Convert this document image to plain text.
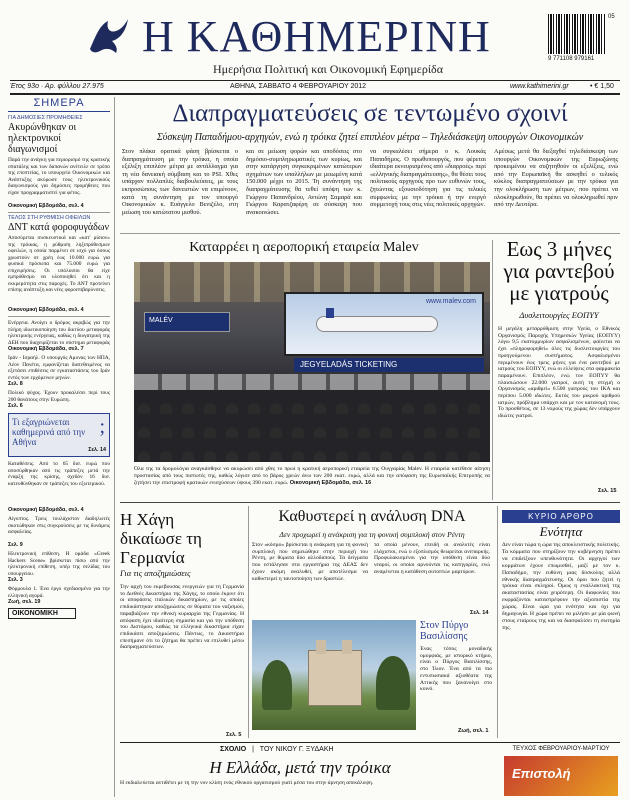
Η ΚΑΘΗΜΕΡΙΝΗ
Ημερήσια Πολιτική και Οικονομική Εφημερίδα
05
9 771108 979161
Έτος 93ο · Αρ. φύλλου 27.975	ΑΘΗΝΑ, ΣΑΒΒΑΤΟ 4 ΦΕΒΡΟΥΑΡΙΟΥ 2012	www.kathimerini.gr	• € 1,50
ΣΗΜΕΡΑ
ΓΙΑ ΔΗΜΟΣΙΕΣ ΠΡΟΜΗΘΕΙΕΣ
Ακυρώνθηκαν οι ηλεκτρονικοί διαγωνισμοί
Παρά την ανάγκη για περιορισμό της κρατικής σπατάλης και των δαπανών ανέτειλε σε τρόπο της εποπτείας, το υπουργείο Οικονομικών και Ανάπτυξης ακύρωσε τους ηλεκτρονικούς διαγωνισμούς για δημόσιες προμήθειες που είχαν προγραμματιστεί για φέτος.
Οικονομική Εβδομάδα, σελ. 4
ΤΕΛΟΣ ΣΤΗ ΡΥΘΜΙΣΗ ΟΦΕΙΛΩΝ
ΔΝΤ κατά φοροφυγάδων
Αποσύρεται συσκευστικά και «κατ' ρίσιον» της τρόικας, η ρύθμιση ληξιπρόθεσμων οφειλών, η οποία παρμένει σε ισχύ για όσους χρωστούν σε χρέη έως 10.000 ευρώ για φυσικά πρόσωπα και 75.000 ευρώ για επιχειρήσεις. Οι υπόλοιποι θα είχε εμπρόθεσμο να υλοποιηθεί ότι και η εκκρεμότητα στις παροχές. Το ΔΝΤ προτείνει επίσης ανάπτυξη και νέες φοροεπιβαρύνσεις.
Οικονομική Εβδομάδα, σελ. 4
Ενέργεια. Ανοίγει ο δρόμος ακριβώς για την πλήρη ιδιωτικοποίηση του δικτύου μεταφοράς ηλεκτρικής ενέργειας, καθώς η διυγατρική της ΔΕΗ που διαχειρίζεται το σύστημα μεταφοράς
Οικονομική Εβδομάδα, σελ. 7
Ιράν - Ισραήλ. Ο υπουργός Αμυνας των ΗΠΑ, Λέον Πανέτα, εμφανίζεται διατεθειμένος να εξετάσει επιθέσεις σε εγκαταστάσεις του Ιράν εντός των ερχόμενων μηνών.
Σελ. 8
Πολικό ψύχος. Έχουν προκαλέσει περί τους 200 θανάτους στην Ευρώπη.
Σελ. 6
Τι εξαγριώνεται καθημερινά από την Αθήνα
Σελ. 14
;
Καταθέσεις. Από το 65 δισ. ευρώ που αποσύρθηκαν από τις τράπεζες μετά την έναρξη της κρίσης, σχεδόν 16 δισ. κατευθύνθηκαν σε τράπεζες του εξωτερικού.
Οικονομική Εβδομάδα, σελ. 4
Αίγυπτος. Τρεις τουλάχιστον διαδηλωτές σκοτώθηκαν στις συγκρούσεις με τις δυνάμεις ασφαλείας.
Σελ. 9
Ηλεκτρονική επίθεση. Η ομάδα «Greek Hackers Scene» βρίσκεται πίσω από την ηλεκτρονική επίθεση, υπέρ της σελίδας του υπουργείου.
Σελ. 3
Φόρμουλα 1. Ένα έργο σχεδιασμένο για την ελληνική αγορά.
Ζωή, σελ. 19
ΟΙΚΟΝΟΜΙΚΗ
Διαπραγματεύσεις σε τεντωμένο σχοινί
Σύσκεψη Παπαδήμου-αρχηγών, ενώ η τρόικα ζητεί επιπλέον μέτρα – Τηλεδιάσκεψη υπουργών Οικονομικών
Στον πλάκα ορατικά φάση βρίσκεται ο διαπραγμάτευση με την τρόικα, η οποία εξέλιξη επιπλέον μέτρα με αντάλλαγμα για τη νέα δανειακή σύμβαση και το PSI. Χθες υπάρχαν πολλαπλές διαβουλεύσεις, με τους εκπροσώπους των δανειστών να επιμένουν, κατά τη συνάντηση με τον υπουργό Οικονομικών κ. Ευάγγελο Βενιζέλο, στη μείωση του κατώτατου μισθού.
και σε μείωση φορών και αποδόσεις στο δημόσιο-συμπληρωματικές των κυρίως, και στην κατάργηση συγκεκριμένων κατώτερων σχημάτων των υπαλλήλων με μειωμένη κατά 150.000 μέχρι το 2015. Τη συνάντηση της διαπραγμάτευσης θα τεθεί υπόψη των κ. Γιώργου Παπανδρέου, Αντώνη Σαμαρά και Γιώργου Καρατζαφέρη σε σύσκεψη που ανακοινώσει.
να συγκαλέσει σήμερα ο κ. Λουκάς Παπαδήμος. Ο πρωθυπουργός, που φέρεται ιδιαίτερα εκνευρισμένος από «διαρροές» περί «ελληνικής διαπραγμάτευσης», θα θέσει τους πολιτικούς αρχηγούς προ των ευθυνών τους, ζητώντας εξουσιοδότηση για τις τελικές συμφωνίες με την τρόικα ή την ενεργό συμμετοχή τους στις νέες πολιτικές αρχηγών.
Αμέσως μετά θα διεξαχθεί τηλεδιάσκεψη των υπουργών Οικονομικών της Ευρωζώνης προκειμένου να συζητηθούν οι εξελίξεις, ενώ από την Ευρωπαϊκή θα ασκηθεί ο τελικός κύκλος διαπραγματεύσεων με την τρόικα για την ολοκλήρωση των μέτρων, που πρέπει να ολοκληρωθούν, θα πρέπει να ολοκληρωθεί πριν από την Δευτέρα.
Καταρρέει η αεροπορική εταιρεία Malev
www.malev.com
MALÉV
JEGYELADÁS TICKETING
Όλα της τα δρομολόγια αναγκάσθηκε να ακυρώσει από χθες το πρωί η κρατική αεροπορική εταιρεία της Ουγγαρίας Malev. Η εταιρεία κατέθεσε αίτηση προστασίας από τους πιστωτές της, καθώς λύγισε από το βάρος χρεών άνω των 200 εκατ. ευρώ, αλλά και την απόφαση της Ευρωπαϊκής Επιτροπής να ζητήσει την επιστροφή κρατικών ενισχύσεων ύψους 390 εκατ. ευρώ. Οικονομική Εβδομάδα, σελ. 16
Εως 3 μήνες για ραντεβού με γιατρούς
Δυσλειτουργίες ΕΟΠΥΥ
Η μεγάλη μεταρρύθμιση στην Υγεία, ο Εθνικός Οργανισμός Παροχής Υπηρεσιών Υγείας (ΕΟΠΥΥ) λόγω 9,5 εκατομμυρίων ασφαλισμένων, φαίνεται να έχει «πληροφορηθεί» όλες τις δυσλειτουργίες του προηγούμενου συστήματος. Ασφαλισμένοι περιμένουν έως τρεις μήνες για ένα ραντεβού με ιατρούς του ΕΟΠΥΥ, ενώ οι ελλείψεις στα φαρμακεία παραμένουν. Επιπλέον, ενώ τον ΕΟΠΥΥ θα πλαισιώσουν 22.000 γιατροί, αυτή τη στιγμή ο Οργανισμός «αριθμεί» 6.500 γιατρούς του ΙΚΑ και περίπου 5.000 ιδιώτες. Εκτός του μικρού αριθμού ιατρών, πρόβλημα υπάρχει και με τον κατανομή τους. Το προσθέτως, σε 13 νομούς της χώρας δεν υπάρχουν ιδιώτες γιατροί.
Σελ. 15
Η Χάγη δικαίωσε τη Γερμανία
Για τις αποζημιώσεις
Την αρχή του εκρεβουσας ενεργειών για τη Γερμανία το Διεθνές Δικαστήριο της Χάγης, το οποίο έκρινε ότι οι αποφάσεις ιταλικών δικαστηρίων, με τις οποίες επιδικάστηκαν αποζημιώσεις σε θύματα του ναζισμού, παραβιάζουν την εθνική κυριαρχία της Γερμανίας. Η απόφαση έχει ιδιαίτερη σημασία και για την υπόθεση του Διστόμου, καθώς τα ελληνικά δικαστήρια είχαν επιδικάσει αποζημιώσεις. Πάντως, το Δικαστήριο επεσήμανε ότι το ζήτημα θα πρέπει να επιλυθεί μέσω διαπραγματεύσεων.
Σελ. 5
Καθυστερεί η ανάλυση DNA
Δεν προχωρεί η ανάκριση για τη φονική συμπλοκή στον Ρέντη
Στον «κόσμο» βρίσκεται η ανάκριση για τη φονική συμπλοκή που σημειώθηκε στην περιοχή του Ρέντη, με θύματα δύο αλλοδαπούς. Τα δείγματα που εστάλησαν στα εργαστήρια της ΔΕΑΣ δεν έχουν ακόμη αναλυθεί, με αποτέλεσμα να καθυστερεί η ταυτοποίηση των δραστών.
τα οποία μένουν, επειδή οι αναλυτές είναι ελάχιστοι, ενώ ο εξοπλισμός θεωρείται ανεπαρκής. Προφυλακισμένοι για την υπόθεση είναι δύο νεαροί, οι οποίοι αρνούνται τις κατηγορίες, ενώ αναμένεται η κατάθεση αυτοπτών μαρτύρων.
Σελ. 14
Στον Πύργο Βασιλίσσης
Ένας τόπος μοναδικής ομορφιάς, με ιστορικό κτήριο, είναι ο Πύργος Βασιλίσσης, στο Ίλιον. Ένα από τα πιο εντυπωσιακά αξιοθέατα της Αττικής που ξανανοίγει στο κοινό.
Ζωή, σελ. 1
ΚΥΡΙΟ ΑΡΘΡΟ
Ενότητα
Δεν είναι τώρα η ώρα της αποκλειστικής πολιτικής. Τα κόμματα που στηρίζουν την κυβέρνηση πρέπει να επιδείξουν υπευθυνότητα. Οι αρχηγοί των κομμάτων έχουν επωμισθεί, μαζί με τον κ. Παπαδήμο, την ευθύνη μιας δύσκολης αλλά εθνικής διαπραγμάτευσης. Οι όροι που ζητεί η τρόικα είναι σκληροί. Όμως η εναλλακτική της ακαταστασίας είναι χειρότερη. Οι διαφωνίες που εκφράζονται καταστρέφουν την αξιοπιστία της χώρας. Είναι ώρα για ενότητα και όχι για δημαγωγία. Η χώρα πρέπει να μιλήσει με μία φωνή στους εταίρους της και να διασφαλίσει τη σωτηρία της.
ΣΧΟΛΙΟ | ΤΟΥ ΝΙΚΟΥ Γ. ΞΥΔΑΚΗ
Η Ελλάδα, μετά την τρόικα
Η εκδιαλεύεται αντιθέτει με τη την νυν κλίση ενός εθνικού οργανισμού γιατί μέσα του στην άρνηση απεκάλυψη.
ΤΕΥΧΟΣ ΦΕΒΡΟΥΑΡΙΟΥ-ΜΑΡΤΙΟΥ
Επιστολή
